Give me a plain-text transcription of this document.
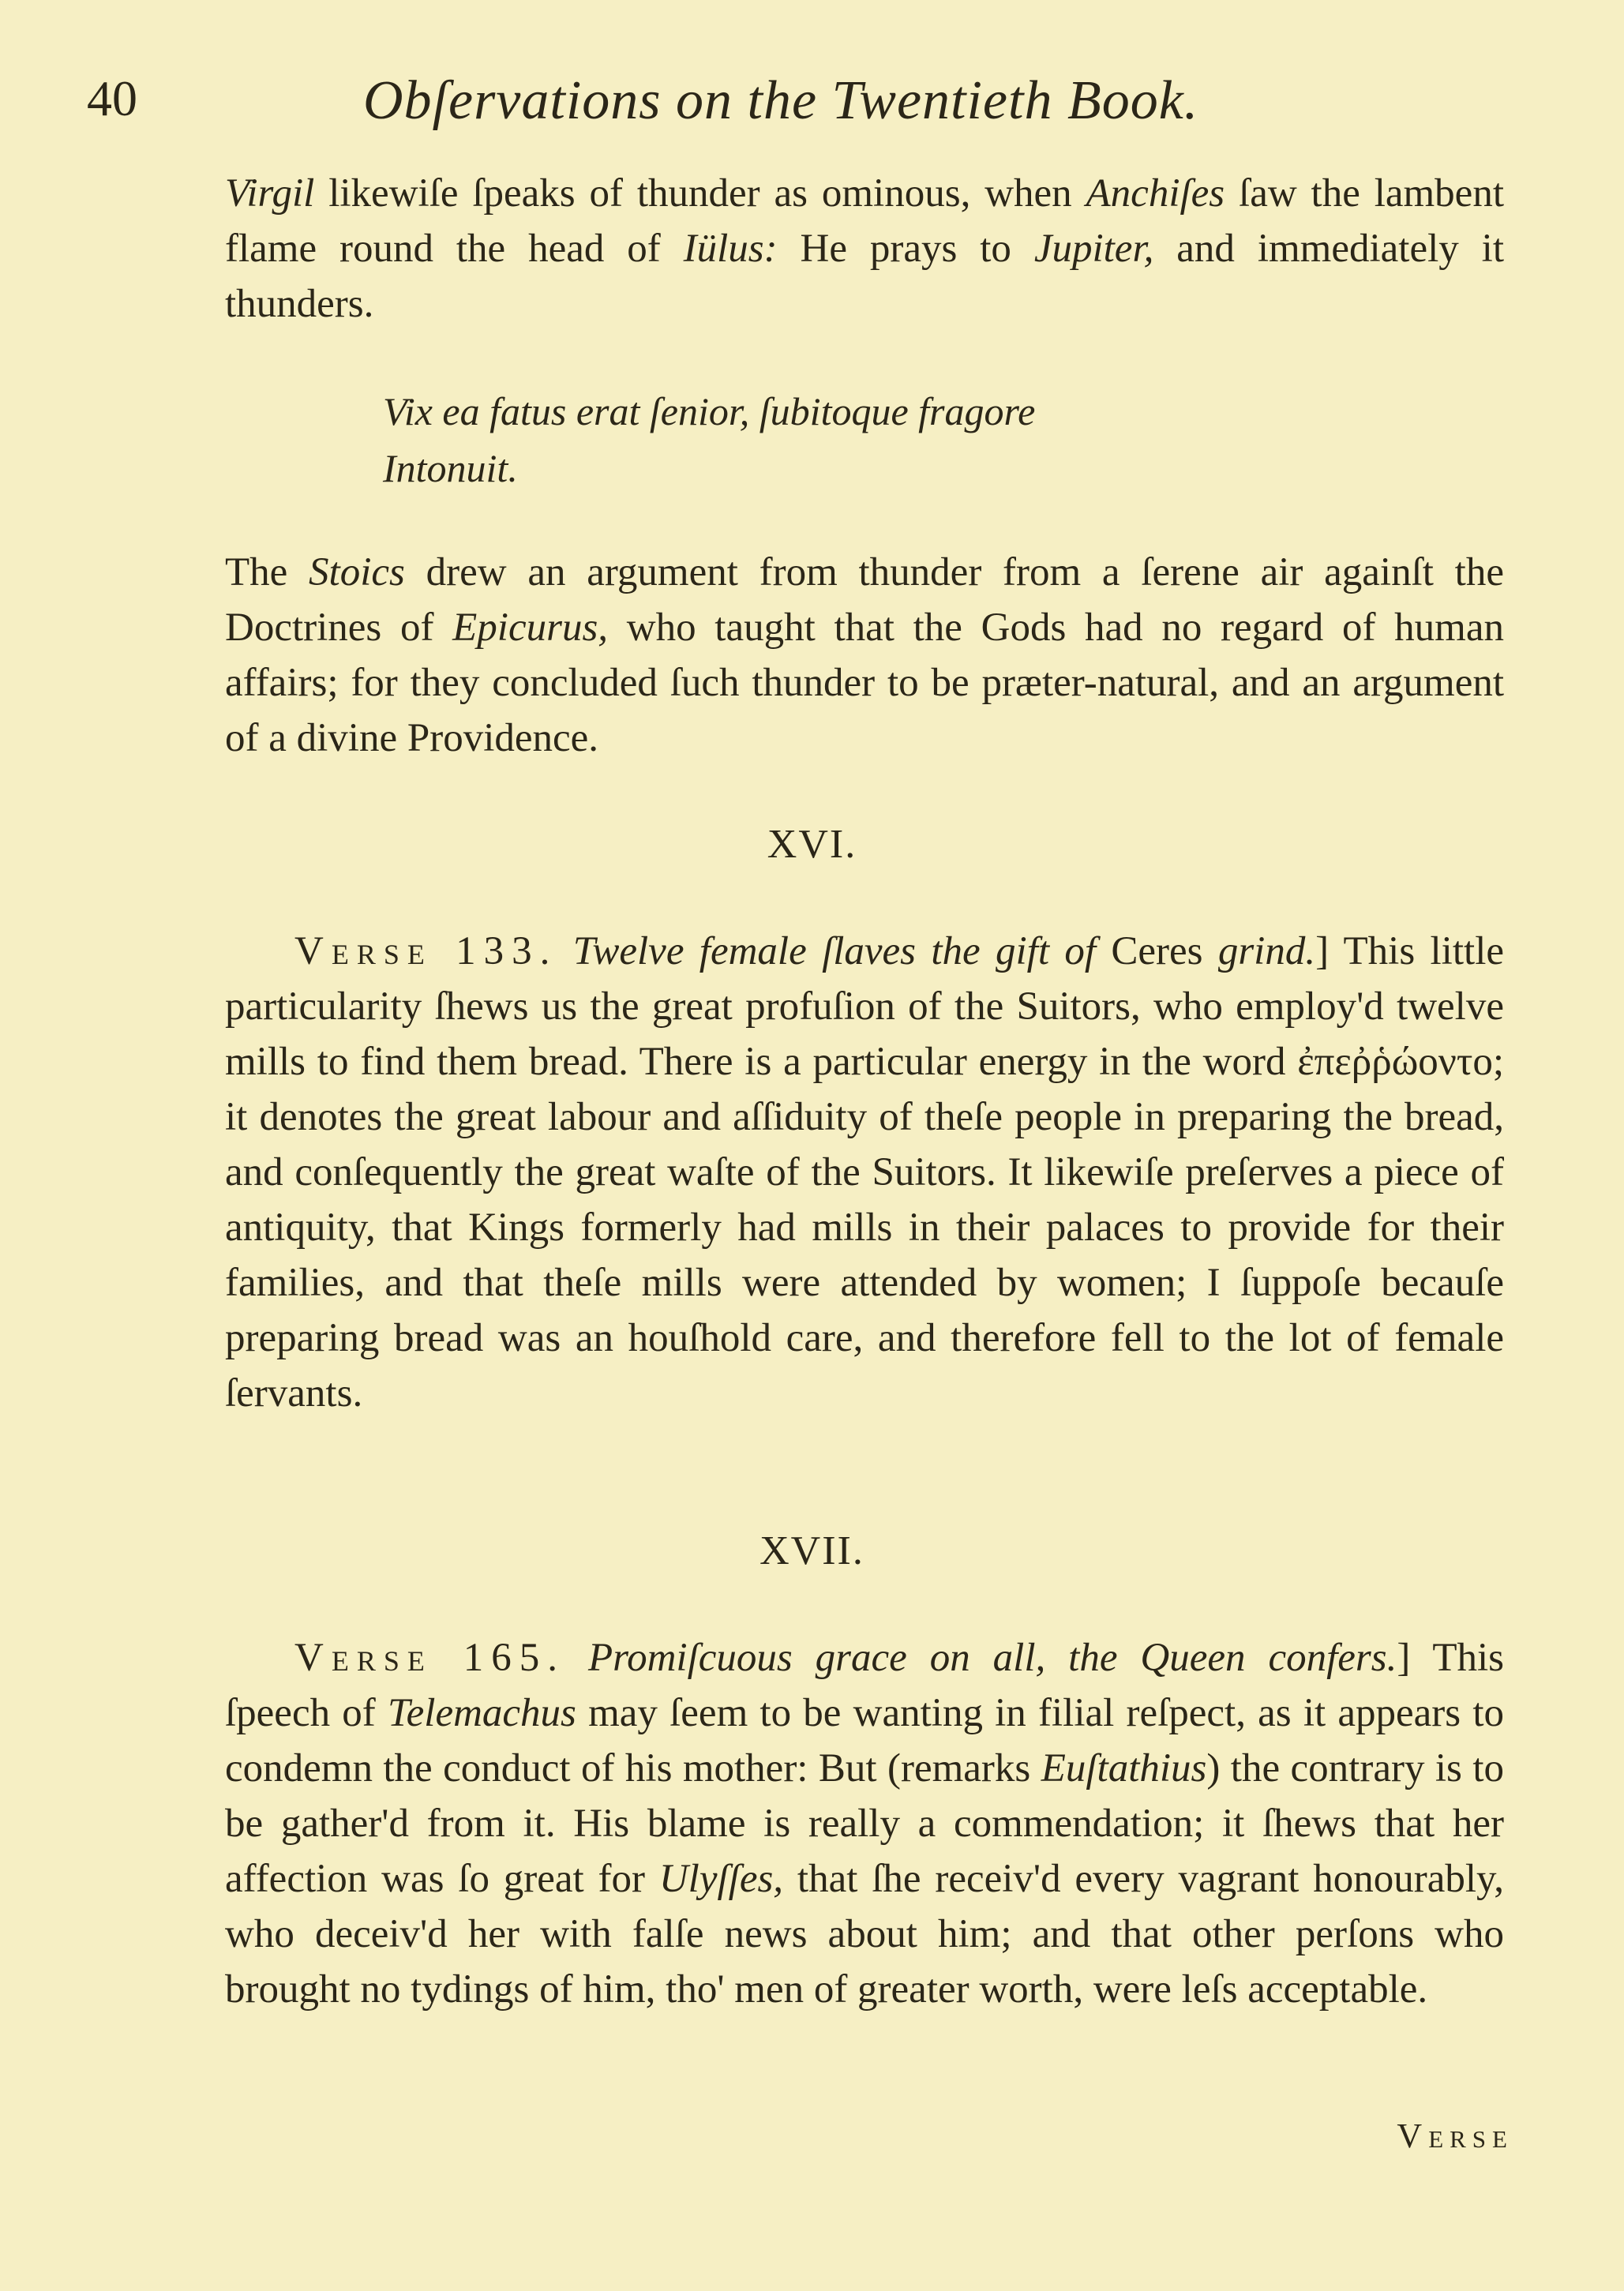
40	Obſervations on the Twentieth Book.

Virgil likewiſe ſpeaks of thunder as ominous, when Anchiſes ſaw the lambent flame round the head of Iülus: He prays to Jupiter, and immediately it thunders.

Vix ea fatus erat ſenior, ſubitoque fragore
Intonuit.

The Stoics drew an argument from thunder from a ſerene air againſt the Doctrines of Epicurus, who taught that the Gods had no regard of human affairs; for they concluded ſuch thunder to be præter-natural, and an argument of a divine Providence.

XVI.

Verse 133. Twelve female ſlaves the gift of Ceres grind.] This little particularity ſhews us the great profuſion of the Suitors, who employ'd twelve mills to find them bread. There is a particular energy in the word ἐπεῤῥώοντο; it denotes the great labour and aſſiduity of theſe people in preparing the bread, and conſequently the great waſte of the Suitors. It likewiſe preſerves a piece of antiquity, that Kings formerly had mills in their palaces to provide for their families, and that theſe mills were attended by women; I ſuppoſe becauſe preparing bread was an houſhold care, and therefore fell to the lot of female ſervants.

XVII.

Verse 165. Promiſcuous grace on all, the Queen confers.] This ſpeech of Telemachus may ſeem to be wanting in filial reſpect, as it appears to condemn the conduct of his mother: But (remarks Euſtathius) the contrary is to be gather'd from it. His blame is really a commendation; it ſhews that her affection was ſo great for Ulyſſes, that ſhe receiv'd every vagrant honourably, who deceiv'd her with falſe news about him; and that other perſons who brought no tydings of him, tho' men of greater worth, were leſs acceptable.

Verse
